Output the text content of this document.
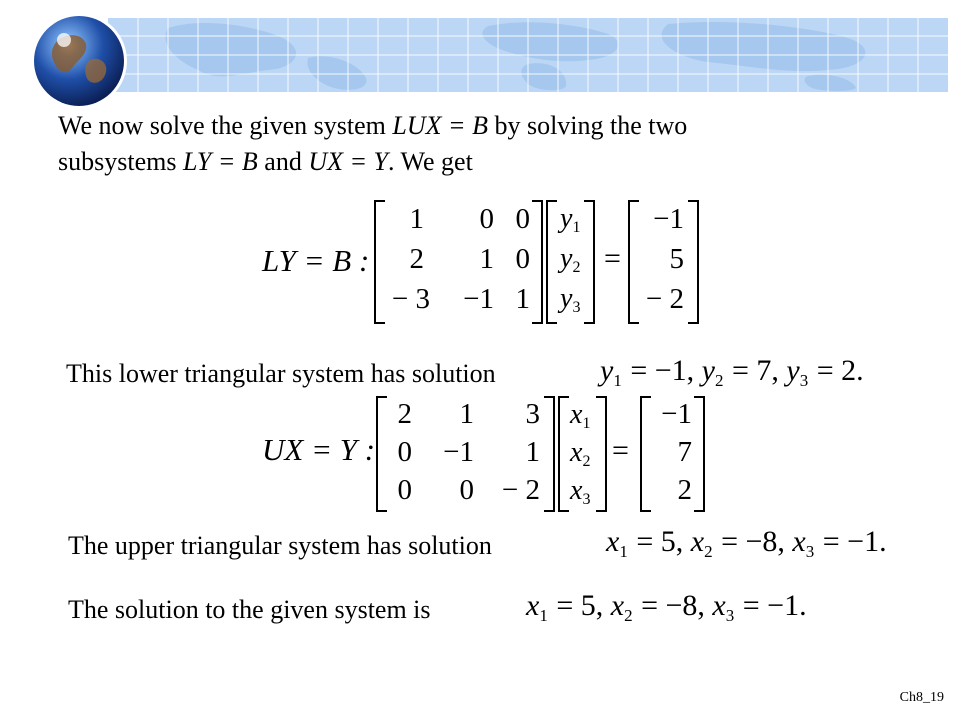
We now solve the given system LUX = B by solving the two
subsystems LY = B and UX = Y. We get
LY = B :
1	0 0
2	1 0
− 3	−1 1
$y_1$
$y_2$
$y_3$
=
−1
5
− 2
This lower triangular system has solution	$y_1 = -1$, $y_2 = 7$, $y_3 = 2$.
UX = Y :
2	1	3
0	−1	1
0	0 − 2
$x_1$
$x_2$
$x_3$
=
−1
7
2
The upper triangular system has solution	$x_1 = 5$, $x_2 = -8$, $x_3 = -1$.
The solution to the given system is	$x_1 = 5$, $x_2 = -8$, $x_3 = -1$.
Ch8_19
